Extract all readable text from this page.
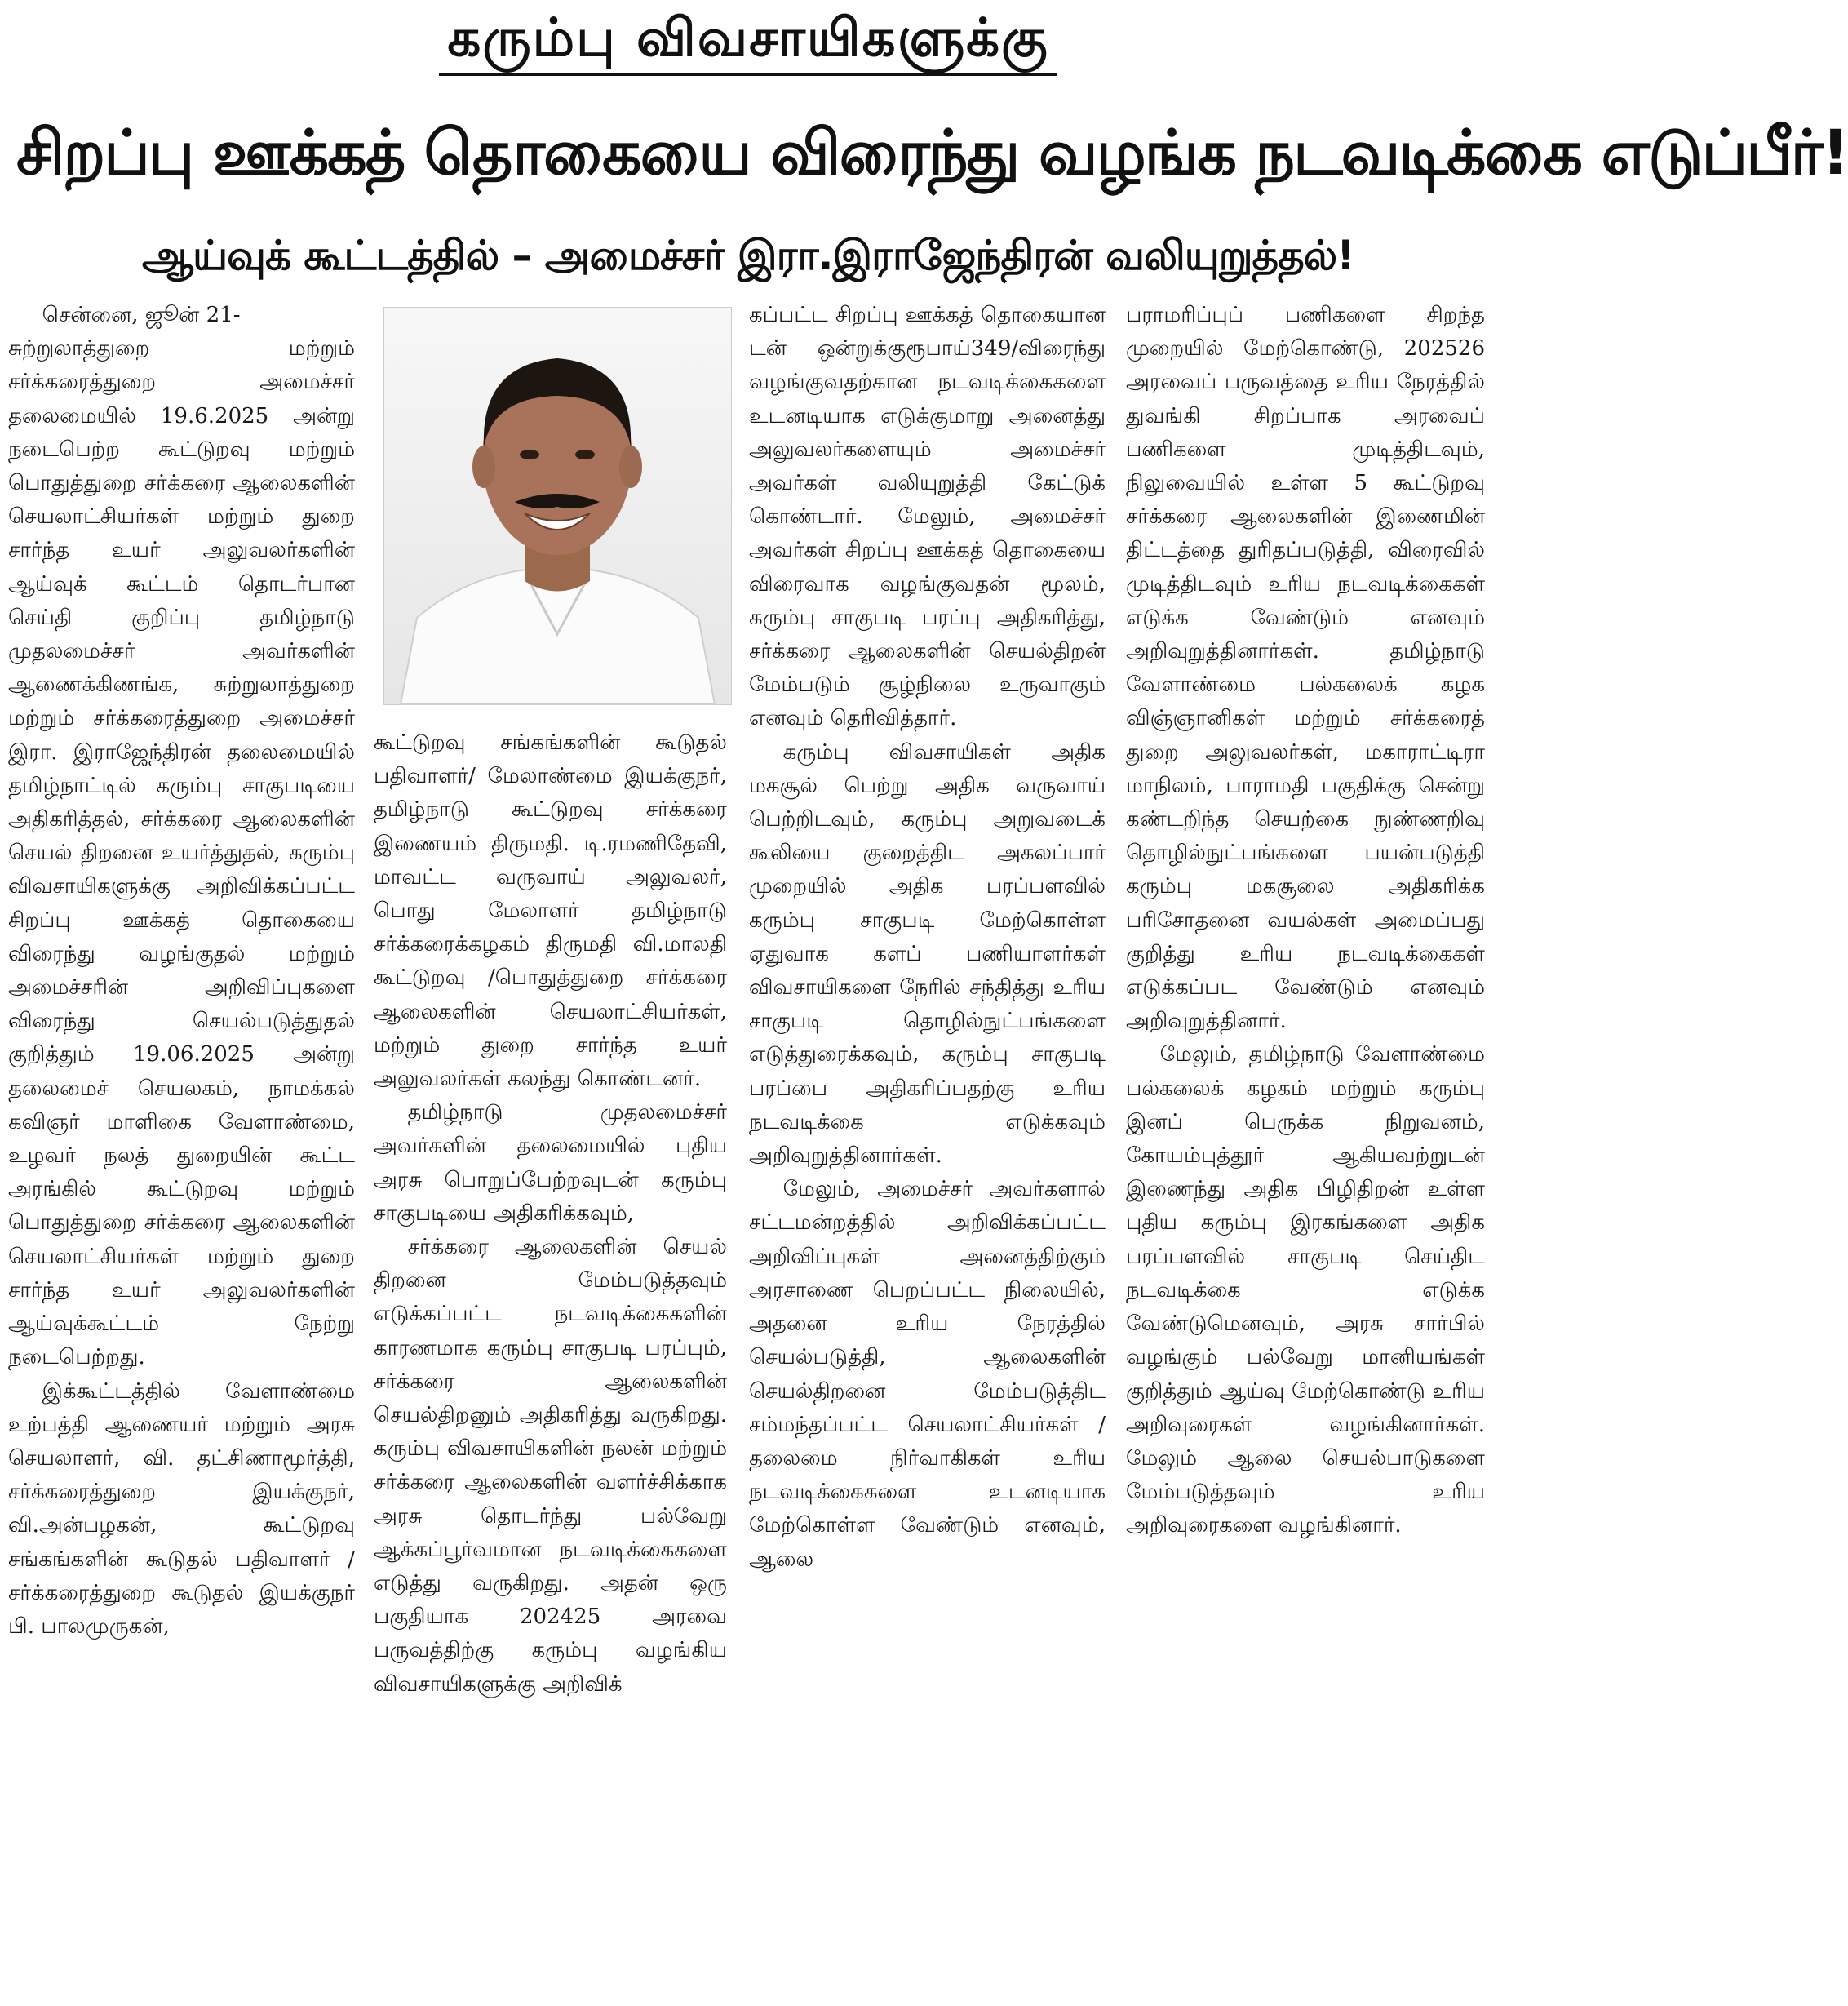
கரும்பு விவசாயிகளுக்கு
சிறப்பு ஊக்கத் தொகையை விரைந்து வழங்க நடவடிக்கை எடுப்பீர்!
ஆய்வுக் கூட்டத்தில் – அமைச்சர் இரா.இராஜேந்திரன் வலியுறுத்தல்!
சென்னை, ஜூன் 21-

சுற்றுலாத்துறை மற்றும் சர்க்கரைத்துறை அமைச்சர் தலைமையில் 19.6.2025 அன்று நடைபெற்ற கூட்டுறவு மற்றும் பொதுத்துறை சர்க்கரை ஆலைகளின் செயலாட்சியர்கள் மற்றும் துறை சார்ந்த உயர் அலுவலர்களின் ஆய்வுக் கூட்டம் தொடர்பான செய்தி குறிப்பு தமிழ்நாடு முதலமைச்சர் அவர்களின் ஆணைக்கிணங்க, சுற்றுலாத்துறை மற்றும் சர்க்கரைத்துறை அமைச்சர் இரா. இராஜேந்திரன் தலைமையில் தமிழ்நாட்டில் கரும்பு சாகுபடியை அதிகரித்தல், சர்க்கரை ஆலைகளின் செயல் திறனை உயர்த்துதல், கரும்பு விவசாயிகளுக்கு அறிவிக்கப்பட்ட சிறப்பு ஊக்கத் தொகையை விரைந்து வழங்குதல் மற்றும் அமைச்சரின் அறிவிப்புகளை விரைந்து செயல்படுத்துதல் குறித்தும் 19.06.2025 அன்று தலைமைச் செயலகம், நாமக்கல் கவிஞர் மாளிகை வேளாண்மை, உழவர் நலத் துறையின் கூட்ட அரங்கில் கூட்டுறவு மற்றும் பொதுத்துறை சர்க்கரை ஆலைகளின் செயலாட்சியர்கள் மற்றும் துறை சார்ந்த உயர் அலுவலர்களின் ஆய்வுக்கூட்டம் நேற்று நடைபெற்றது.

இக்கூட்டத்தில் வேளாண்மை உற்பத்தி ஆணையர் மற்றும் அரசு செயலாளர், வி. தட்சிணாமூர்த்தி, சர்க்கரைத்துறை இயக்குநர், வி.அன்பழகன், கூட்டுறவு சங்கங்களின் கூடுதல் பதிவாளர் / சர்க்கரைத்துறை கூடுதல் இயக்குநர் பி. பாலமுருகன்,

கூட்டுறவு சங்கங்களின் கூடுதல் பதிவாளர்/ மேலாண்மை இயக்குநர், தமிழ்நாடு கூட்டுறவு சர்க்கரை இணையம் திருமதி. டி.ரமணிதேவி, மாவட்ட வருவாய் அலுவலர், பொது மேலாளர் தமிழ்நாடு சர்க்கரைக்கழகம் திருமதி வி.மாலதி கூட்டுறவு /பொதுத்துறை சர்க்கரை ஆலைகளின் செயலாட்சியர்கள், மற்றும் துறை சார்ந்த உயர் அலுவலர்கள் கலந்து கொண்டனர்.

தமிழ்நாடு முதலமைச்சர் அவர்களின் தலைமையில் புதிய அரசு பொறுப்பேற்றவுடன் கரும்பு சாகுபடியை அதிகரிக்கவும்,

சர்க்கரை ஆலைகளின் செயல் திறனை மேம்படுத்தவும் எடுக்கப்பட்ட நடவடிக்கைகளின் காரணமாக கரும்பு சாகுபடி பரப்பும், சர்க்கரை ஆலைகளின் செயல்திறனும் அதிகரித்து வருகிறது. கரும்பு விவசாயிகளின் நலன் மற்றும் சர்க்கரை ஆலைகளின் வளர்ச்சிக்காக அரசு தொடர்ந்து பல்வேறு ஆக்கப்பூர்வமான நடவடிக்கைகளை எடுத்து வருகிறது. அதன் ஒரு பகுதியாக 202425 அரவை பருவத்திற்கு கரும்பு வழங்கிய விவசாயிகளுக்கு அறிவிக்

கப்பட்ட சிறப்பு ஊக்கத் தொகையான டன் ஒன்றுக்குரூபாய்349/விரைந்து வழங்குவதற்கான நடவடிக்கைகளை உடனடியாக எடுக்குமாறு அனைத்து அலுவலர்களையும் அமைச்சர் அவர்கள் வலியுறுத்தி கேட்டுக் கொண்டார். மேலும், அமைச்சர் அவர்கள் சிறப்பு ஊக்கத் தொகையை விரைவாக வழங்குவதன் மூலம், கரும்பு சாகுபடி பரப்பு அதிகரித்து, சர்க்கரை ஆலைகளின் செயல்திறன் மேம்படும் சூழ்நிலை உருவாகும் எனவும் தெரிவித்தார்.

கரும்பு விவசாயிகள் அதிக மகசூல் பெற்று அதிக வருவாய் பெற்றிடவும், கரும்பு அறுவடைக் கூலியை குறைத்திட அகலப்பார் முறையில் அதிக பரப்பளவில் கரும்பு சாகுபடி மேற்கொள்ள ஏதுவாக களப் பணியாளர்கள் விவசாயிகளை நேரில் சந்தித்து உரிய சாகுபடி தொழில்நுட்பங்களை எடுத்துரைக்கவும், கரும்பு சாகுபடி பரப்பை அதிகரிப்பதற்கு உரிய நடவடிக்கை எடுக்கவும் அறிவுறுத்தினார்கள்.

மேலும், அமைச்சர் அவர்களால் சட்டமன்றத்தில் அறிவிக்கப்பட்ட அறிவிப்புகள் அனைத்திற்கும் அரசாணை பெறப்பட்ட நிலையில், அதனை உரிய நேரத்தில் செயல்படுத்தி, ஆலைகளின் செயல்திறனை மேம்படுத்திட சம்மந்தப்பட்ட செயலாட்சியர்கள் / தலைமை நிர்வாகிகள் உரிய நடவடிக்கைகளை உடனடியாக மேற்கொள்ள வேண்டும் எனவும், ஆலை

பராமரிப்புப் பணிகளை சிறந்த முறையில் மேற்கொண்டு, 202526 அரவைப் பருவத்தை உரிய நேரத்தில் துவங்கி சிறப்பாக அரவைப் பணிகளை முடித்திடவும், நிலுவையில் உள்ள 5 கூட்டுறவு சர்க்கரை ஆலைகளின் இணைமின் திட்டத்தை துரிதப்படுத்தி, விரைவில் முடித்திடவும் உரிய நடவடிக்கைகள் எடுக்க வேண்டும் எனவும் அறிவுறுத்தினார்கள். தமிழ்நாடு வேளாண்மை பல்கலைக் கழக விஞ்ஞானிகள் மற்றும் சர்க்கரைத் துறை அலுவலர்கள், மகாராட்டிரா மாநிலம், பாராமதி பகுதிக்கு சென்று கண்டறிந்த செயற்கை நுண்ணறிவு தொழில்நுட்பங்களை பயன்படுத்தி கரும்பு மகசூலை அதிகரிக்க பரிசோதனை வயல்கள் அமைப்பது குறித்து உரிய நடவடிக்கைகள் எடுக்கப்பட வேண்டும் எனவும் அறிவுறுத்தினார்.

மேலும், தமிழ்நாடு வேளாண்மை பல்கலைக் கழகம் மற்றும் கரும்பு இனப் பெருக்க நிறுவனம், கோயம்புத்தூர் ஆகியவற்றுடன் இணைந்து அதிக பிழிதிறன் உள்ள புதிய கரும்பு இரகங்களை அதிக பரப்பளவில் சாகுபடி செய்திட நடவடிக்கை எடுக்க வேண்டுமெனவும், அரசு சார்பில் வழங்கும் பல்வேறு மானியங்கள் குறித்தும் ஆய்வு மேற்கொண்டு உரிய அறிவுரைகள் வழங்கினார்கள். மேலும் ஆலை செயல்பாடுகளை மேம்படுத்தவும் உரிய அறிவுரைகளை வழங்கினார்.
